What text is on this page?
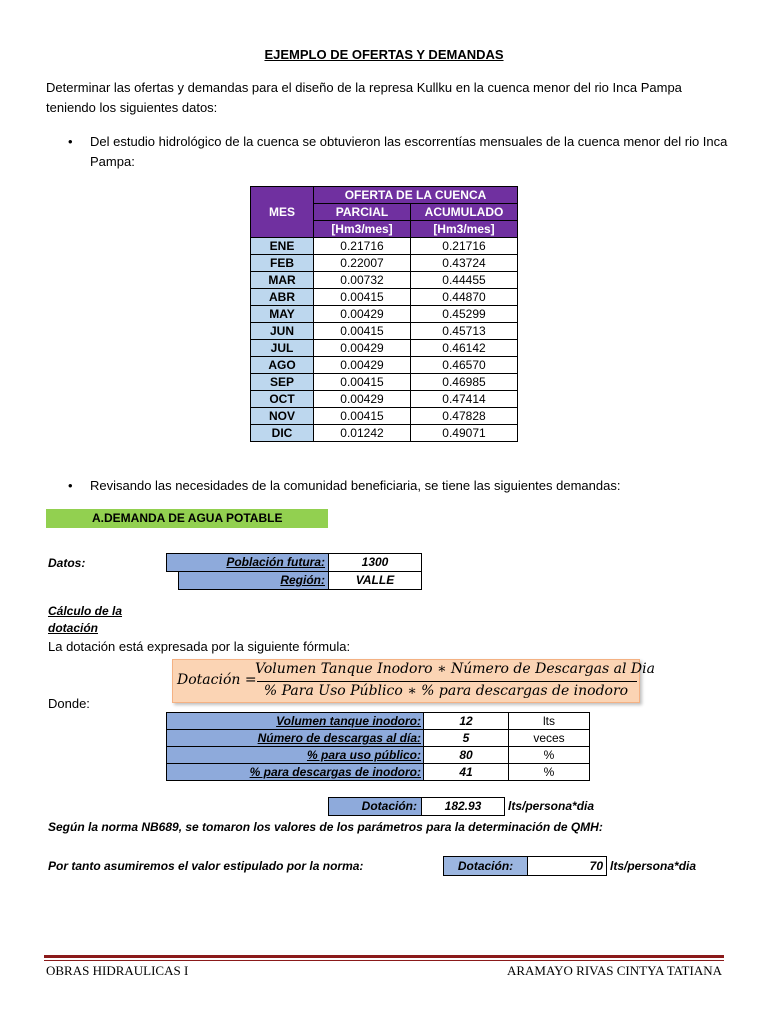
EJEMPLO DE OFERTAS Y DEMANDAS
Determinar las ofertas y demandas para el diseño de la represa Kullku en la cuenca menor del rio Inca Pampa teniendo los siguientes datos:
• Del estudio hidrológico de la cuenca se obtuvieron las escorrentías mensuales de la cuenca menor del rio Inca
Pampa:
MES	OFERTA DE LA CUENCA	
	PARCIAL	ACUMULADO
	[Hm3/mes]	[Hm3/mes]
ENE	0.21716	0.21716
FEB	0.22007	0.43724
MAR	0.00732	0.44455
ABR	0.00415	0.44870
MAY	0.00429	0.45299
JUN	0.00415	0.45713
JUL	0.00429	0.46142
AGO	0.00429	0.46570
SEP	0.00415	0.46985
OCT	0.00429	0.47414
NOV	0.00415	0.47828
DIC	0.01242	0.49071
• Revisando las necesidades de la comunidad beneficiaria, se tiene las siguientes demandas:
A.DEMANDA DE AGUA POTABLE
Datos:	Población futura:	1300
Región:	VALLE
Cálculo de la
dotación
La dotación está expresada por la siguiente fórmula:
Dotación =
Volumen Tanque Inodoro ∗ Número de Descargas al Dia
% Para Uso Público ∗ % para descargas de inodoro
Donde:
Volumen tanque inodoro:	12	lts
Número de descargas al día:	5	veces
% para uso público:	80	%
% para descargas de inodoro:	41	%
Dotación:	182.93	lts/persona*dia
Según la norma NB689, se tomaron los valores de los parámetros para la determinación de QMH:
Por tanto asumiremos el valor estipulado por la norma:	Dotación:	70 lts/persona*dia
OBRAS HIDRAULICAS I	ARAMAYO RIVAS CINTYA TATIANA
